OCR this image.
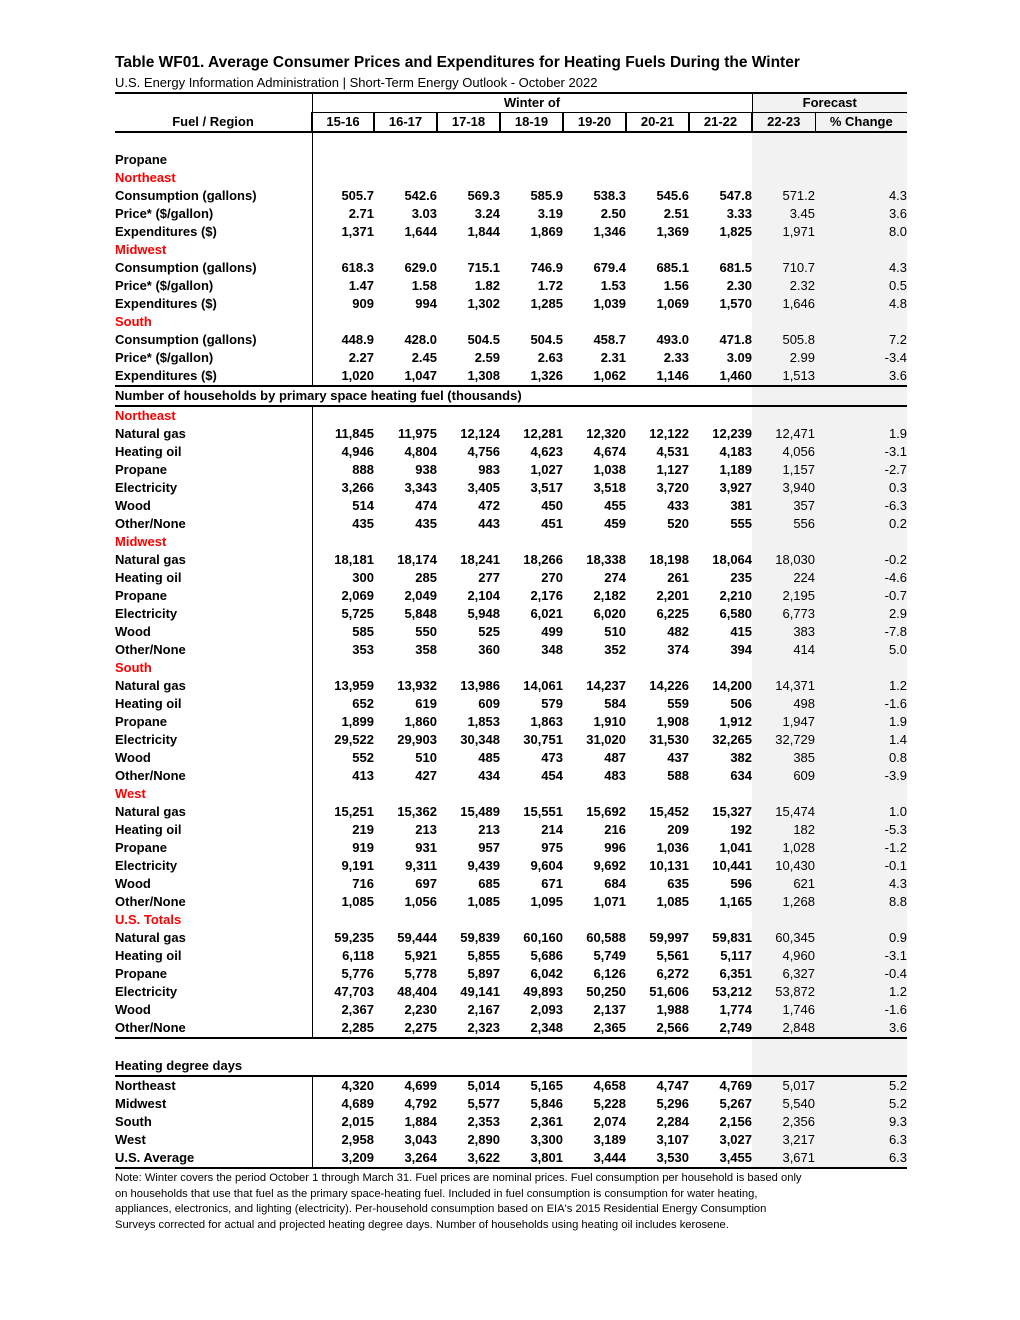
Table WF01. Average Consumer Prices and Expenditures for Heating Fuels During the Winter
U.S. Energy Information Administration | Short-Term Energy Outlook - October 2022
	Winter of							Forecast	
Fuel / Region	15-16	16-17	17-18	18-19	19-20	20-21	21-22	22-23	% Change

Propane									
Northeast									
Consumption (gallons)	505.7	542.6	569.3	585.9	538.3	545.6	547.8	571.2	4.3
Price* ($/gallon)	2.71	3.03	3.24	3.19	2.50	2.51	3.33	3.45	3.6
Expenditures ($)	1,371	1,644	1,844	1,869	1,346	1,369	1,825	1,971	8.0
Midwest									
Consumption (gallons)	618.3	629.0	715.1	746.9	679.4	685.1	681.5	710.7	4.3
Price* ($/gallon)	1.47	1.58	1.82	1.72	1.53	1.56	2.30	2.32	0.5
Expenditures ($)	909	994	1,302	1,285	1,039	1,069	1,570	1,646	4.8
South									
Consumption (gallons)	448.9	428.0	504.5	504.5	458.7	493.0	471.8	505.8	7.2
Price* ($/gallon)	2.27	2.45	2.59	2.63	2.31	2.33	3.09	2.99	-3.4
Expenditures ($)	1,020	1,047	1,308	1,326	1,062	1,146	1,460	1,513	3.6
Number of households by primary space heating fuel (thousands)									
Northeast									
Natural gas	11,845	11,975	12,124	12,281	12,320	12,122	12,239	12,471	1.9
Heating oil	4,946	4,804	4,756	4,623	4,674	4,531	4,183	4,056	-3.1
Propane	888	938	983	1,027	1,038	1,127	1,189	1,157	-2.7
Electricity	3,266	3,343	3,405	3,517	3,518	3,720	3,927	3,940	0.3
Wood	514	474	472	450	455	433	381	357	-6.3
Other/None	435	435	443	451	459	520	555	556	0.2
Midwest									
Natural gas	18,181	18,174	18,241	18,266	18,338	18,198	18,064	18,030	-0.2
Heating oil	300	285	277	270	274	261	235	224	-4.6
Propane	2,069	2,049	2,104	2,176	2,182	2,201	2,210	2,195	-0.7
Electricity	5,725	5,848	5,948	6,021	6,020	6,225	6,580	6,773	2.9
Wood	585	550	525	499	510	482	415	383	-7.8
Other/None	353	358	360	348	352	374	394	414	5.0
South									
Natural gas	13,959	13,932	13,986	14,061	14,237	14,226	14,200	14,371	1.2
Heating oil	652	619	609	579	584	559	506	498	-1.6
Propane	1,899	1,860	1,853	1,863	1,910	1,908	1,912	1,947	1.9
Electricity	29,522	29,903	30,348	30,751	31,020	31,530	32,265	32,729	1.4
Wood	552	510	485	473	487	437	382	385	0.8
Other/None	413	427	434	454	483	588	634	609	-3.9
West									
Natural gas	15,251	15,362	15,489	15,551	15,692	15,452	15,327	15,474	1.0
Heating oil	219	213	213	214	216	209	192	182	-5.3
Propane	919	931	957	975	996	1,036	1,041	1,028	-1.2
Electricity	9,191	9,311	9,439	9,604	9,692	10,131	10,441	10,430	-0.1
Wood	716	697	685	671	684	635	596	621	4.3
Other/None	1,085	1,056	1,085	1,095	1,071	1,085	1,165	1,268	8.8
U.S. Totals									
Natural gas	59,235	59,444	59,839	60,160	60,588	59,997	59,831	60,345	0.9
Heating oil	6,118	5,921	5,855	5,686	5,749	5,561	5,117	4,960	-3.1
Propane	5,776	5,778	5,897	6,042	6,126	6,272	6,351	6,327	-0.4
Electricity	47,703	48,404	49,141	49,893	50,250	51,606	53,212	53,872	1.2
Wood	2,367	2,230	2,167	2,093	2,137	1,988	1,774	1,746	-1.6
Other/None	2,285	2,275	2,323	2,348	2,365	2,566	2,749	2,848	3.6

Heating degree days									
Northeast	4,320	4,699	5,014	5,165	4,658	4,747	4,769	5,017	5.2
Midwest	4,689	4,792	5,577	5,846	5,228	5,296	5,267	5,540	5.2
South	2,015	1,884	2,353	2,361	2,074	2,284	2,156	2,356	9.3
West	2,958	3,043	2,890	3,300	3,189	3,107	3,027	3,217	6.3
U.S. Average	3,209	3,264	3,622	3,801	3,444	3,530	3,455	3,671	6.3
Note: Winter covers the period October 1 through March 31. Fuel prices are nominal prices. Fuel consumption per household is based only
on households that use that fuel as the primary space-heating fuel. Included in fuel consumption is consumption for water heating,
appliances, electronics, and lighting (electricity). Per-household consumption based on EIA's 2015 Residential Energy Consumption
Surveys corrected for actual and projected heating degree days. Number of households using heating oil includes kerosene.
